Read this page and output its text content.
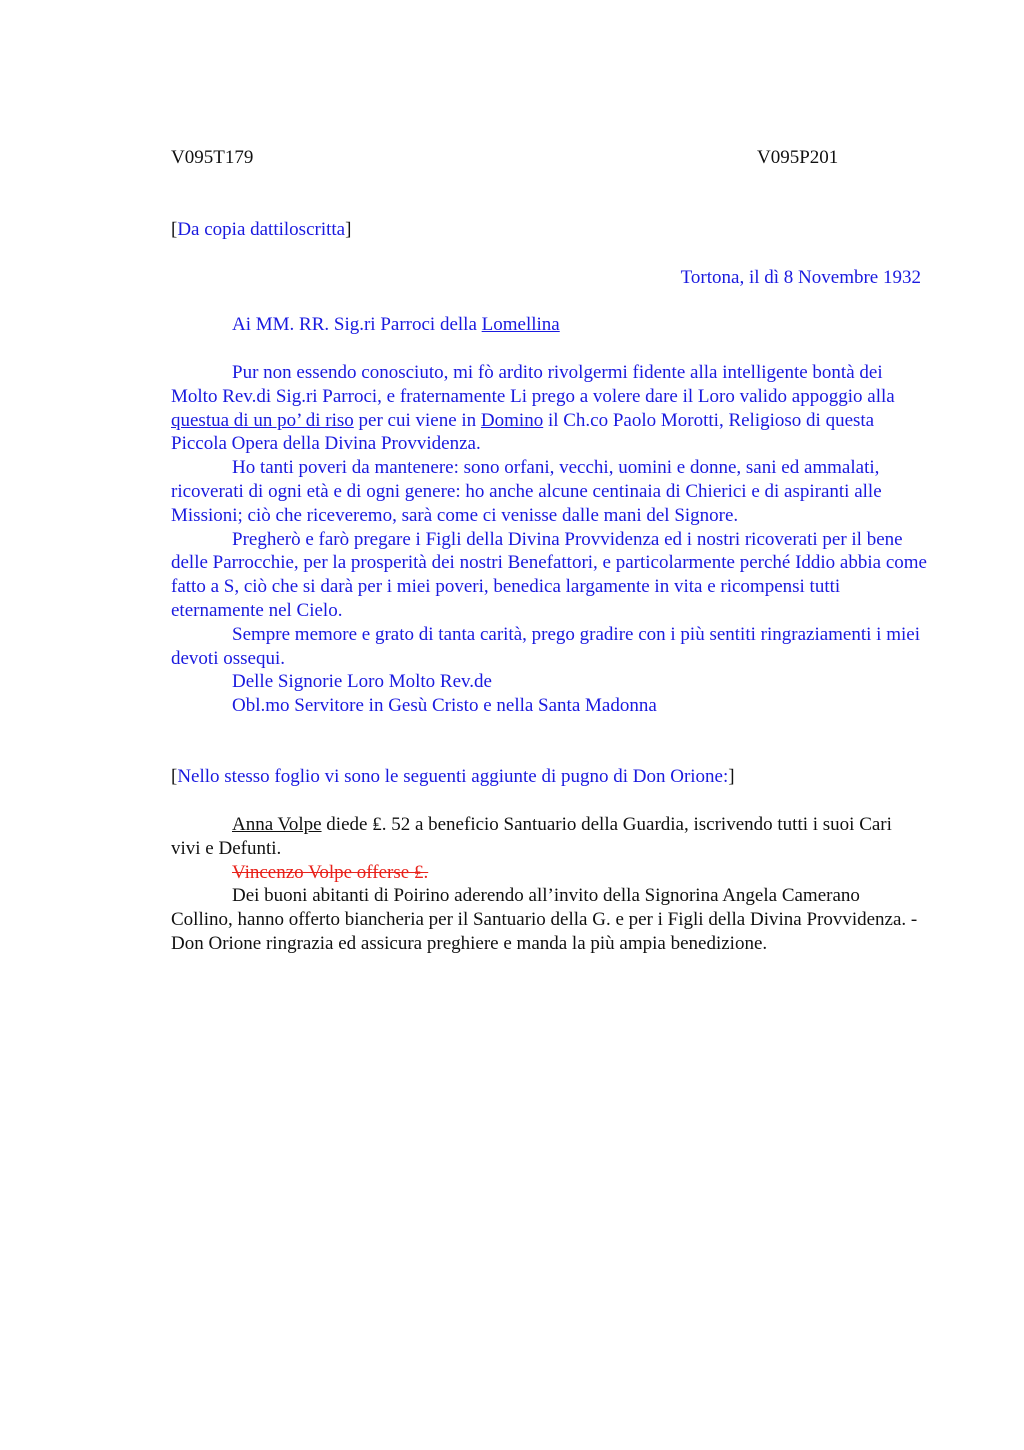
V095T179	V095P201
[Da copia dattiloscritta]
Tortona, il dì 8 Novembre 1932
Ai MM. RR. Sig.ri Parroci della Lomellina

Pur non essendo conosciuto, mi fò ardito rivolgermi fidente alla intelligente bontà dei Molto Rev.di Sig.ri Parroci, e fraternamente Li prego a volere dare il Loro valido appoggio alla questua di un po’ di riso per cui viene in Domino il Ch.co Paolo Morotti, Religioso di questa Piccola Opera della Divina Provvidenza.

Ho tanti poveri da mantenere: sono orfani, vecchi, uomini e donne, sani ed ammalati, ricoverati di ogni età e di ogni genere: ho anche alcune centinaia di Chierici e di aspiranti alle Missioni; ciò che riceveremo, sarà come ci venisse dalle mani del Signore.

Pregherò e farò pregare i Figli della Divina Provvidenza ed i nostri ricoverati per il bene delle Parrocchie, per la prosperità dei nostri Benefattori, e particolarmente perché Iddio abbia come fatto a S, ciò che si darà per i miei poveri, benedica largamente in vita e ricompensi tutti eternamente nel Cielo.

Sempre memore e grato di tanta carità, prego gradire con i più sentiti ringraziamenti i miei devoti ossequi.

Delle Signorie Loro Molto Rev.de

Obl.mo Servitore in Gesù Cristo e nella Santa Madonna

[Nello stesso foglio vi sono le seguenti aggiunte di pugno di Don Orione:]

Anna Volpe diede ₤. 52 a beneficio Santuario della Guardia, iscrivendo tutti i suoi Cari vivi e Defunti.

Vincenzo Volpe offerse ₤.

Dei buoni abitanti di Poirino aderendo all’invito della Signorina Angela Camerano Collino, hanno offerto biancheria per il Santuario della G. e per i Figli della Divina Provvidenza. - Don Orione ringrazia ed assicura preghiere e manda la più ampia benedizione.
